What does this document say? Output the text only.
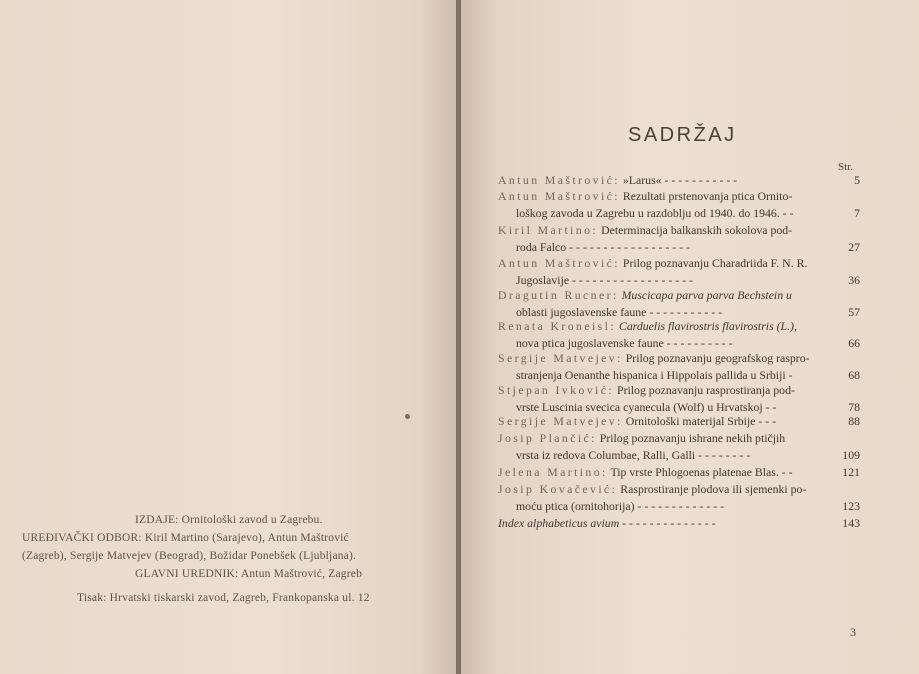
IZDAJE: Ornitološki zavod u Zagrebu.
UREĐIVAČKI ODBOR: Kiril Martino (Sarajevo), Antun Maštrović
(Zagreb), Sergije Matvejev (Beograd), Božidar Ponebšek (Ljubljana).
GLAVNI UREDNIK: Antun Maštrović, Zagreb
Tisak: Hrvatski tiskarski zavod, Zagreb, Frankopanska ul. 12
SADRŽAJ
Str.
Antun Maštrović: »Larus« - - - - - - - - - - -	5
Antun Maštrović: Rezultati prstenovanja ptica Ornito-
loškog zavoda u Zagrebu u razdoblju od 1940. do 1946. - -	7
Kiril Martino: Determinacija balkanskih sokolova pod-
roda Falco - - - - - - - - - - - - - - - - - -	27
Antun Maštrović: Prilog poznavanju Charadriida F. N. R.
Jugoslavije - - - - - - - - - - - - - - - - - -	36
Dragutin Rucner: Muscicapa parva parva Bechstein u
oblasti jugoslavenske faune - - - - - - - - - - -	57
Renata Kroneisl: Carduelis flavirostris flavirostris (L.),
nova ptica jugoslavenske faune - - - - - - - - - -	66
Sergije Matvejev: Prilog poznavanju geografskog raspro-
stranjenja Oenanthe hispanica i Hippolais pallida u Srbiji -	68
Stjepan Ivković: Prilog poznavanju rasprostiranja pod-
vrste Luscinia svecica cyanecula (Wolf) u Hrvatskoj - -	78
Sergije Matvejev: Ornitološki materijal Srbije - - -	88
Josip Plančić: Prilog poznavanju ishrane nekih ptičjih
vrsta iz redova Columbae, Ralli, Galli - - - - - - - -	109
Jelena Martino: Tip vrste Phlogoenas platenae Blas. - -	121
Josip Kovačević: Rasprostiranje plodova ili sjemenki po-
moću ptica (ornitohorija) - - - - - - - - - - - - -	123
Index alphabeticus avium - - - - - - - - - - - - - -	143
3
